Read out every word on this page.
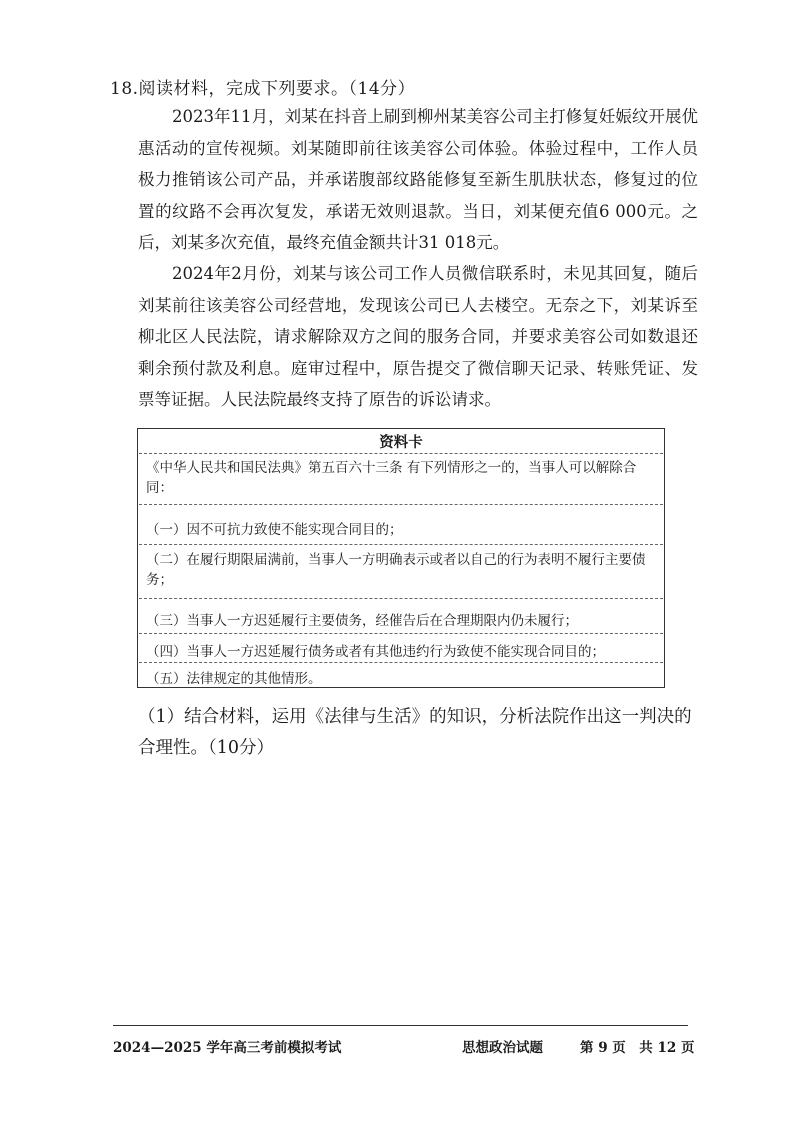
18.阅读材料，完成下列要求。（14分）
2023年11月，刘某在抖音上刷到柳州某美容公司主打修复妊娠纹开展优惠活动的宣传视频。刘某随即前往该美容公司体验。体验过程中，工作人员极力推销该公司产品，并承诺腹部纹路能修复至新生肌肤状态，修复过的位置的纹路不会再次复发，承诺无效则退款。当日，刘某便充值6 000元。之后，刘某多次充值，最终充值金额共计31 018元。
2024年2月份，刘某与该公司工作人员微信联系时，未见其回复，随后刘某前往该美容公司经营地，发现该公司已人去楼空。无奈之下，刘某诉至柳北区人民法院，请求解除双方之间的服务合同，并要求美容公司如数退还剩余预付款及利息。庭审过程中，原告提交了微信聊天记录、转账凭证、发票等证据。人民法院最终支持了原告的诉讼请求。
资料卡
《中华人民共和国民法典》第五百六十三条 有下列情形之一的，当事人可以解除合同：
（一）因不可抗力致使不能实现合同目的；
（二）在履行期限届满前，当事人一方明确表示或者以自己的行为表明不履行主要债务；
（三）当事人一方迟延履行主要债务，经催告后在合理期限内仍未履行；
（四）当事人一方迟延履行债务或者有其他违约行为致使不能实现合同目的；
（五）法律规定的其他情形。
（1）结合材料，运用《法律与生活》的知识，分析法院作出这一判决的合理性。（10分）
2024—2025 学年高三考前模拟考试	思想政治试题	第 9 页　共 12 页
